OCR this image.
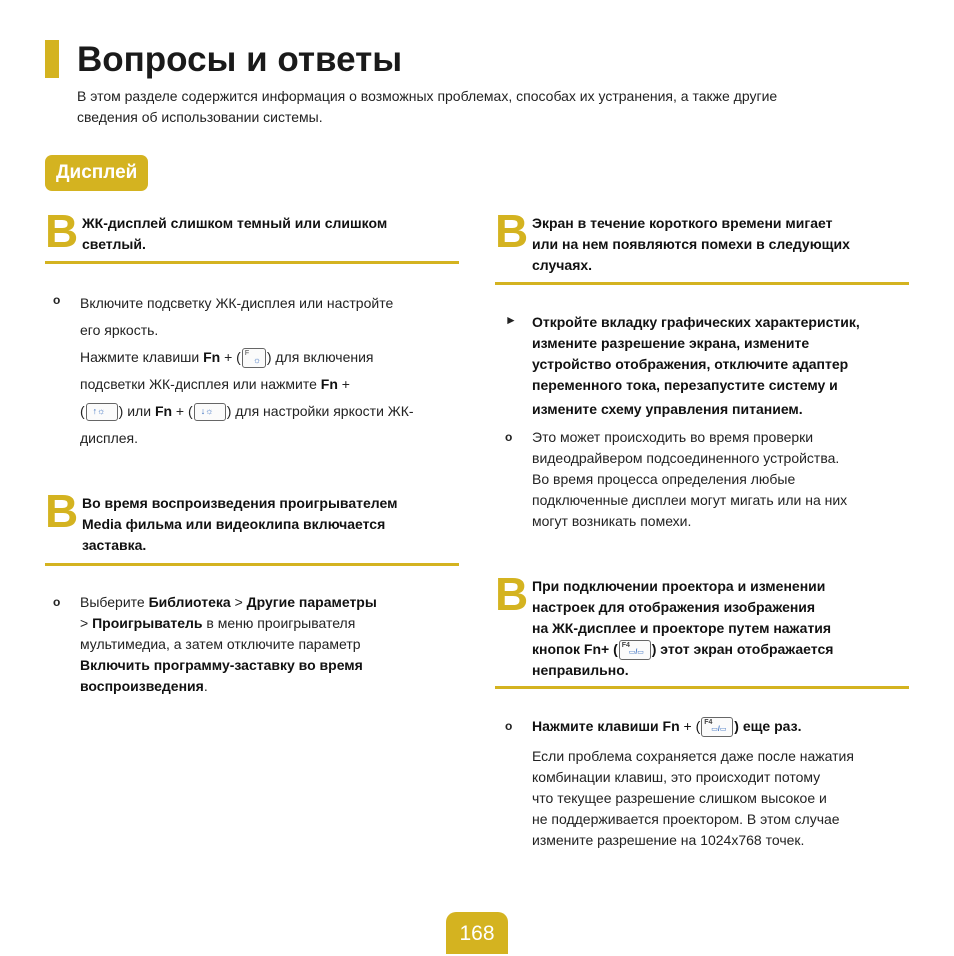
Вопросы и ответы
В этом разделе содержится информация о возможных проблемах, способах их устранения, а также другие
сведения об использовании системы.
Дисплей
B ЖК-дисплей слишком темный или слишком
светлый.
o Включите подсветку ЖК-дисплея или настройте
его яркость.
Нажмите клавиши Fn + ( F
☼ ) для включения
подсветки ЖК-дисплея или нажмите Fn +
( ↑☼ ) или Fn + ( ↓☼ ) для настройки яркости ЖК-
дисплея.
B Во время воспроизведения проигрывателем
Media фильма или видеоклипа включается
заставка.
o Выберите Библиотека > Другие параметры
> Проигрыватель в меню проигрывателя
мультимедиа, а затем отключите параметр
Включить программу-заставку во время
воспроизведения.
B Экран в течение короткого времени мигает
или на нем появляются помехи в следующих
случаях.
► Откройте вкладку графических характеристик,
измените разрешение экрана, измените
устройство отображения, отключите адаптер
переменного тока, перезапустите систему и
измените схему управления питанием.
o Это может происходить во время проверки
видеодрайвером подсоединенного устройства.
Во время процесса определения любые
подключенные дисплеи могут мигать или на них
могут возникать помехи.
B При подключении проектора и изменении
настроек для отображения изображения
на ЖК-дисплее и проекторе путем нажатия
кнопок Fn+ ( F4
▭/▭ ) этот экран отображается
неправильно.
o Нажмите клавиши Fn + ( F4
▭/▭ ) еще раз.
Если проблема сохраняется даже после нажатия
комбинации клавиш, это происходит потому
что текущее разрешение слишком высокое и
не поддерживается проектором. В этом случае
измените разрешение на 1024x768 точек.
168
